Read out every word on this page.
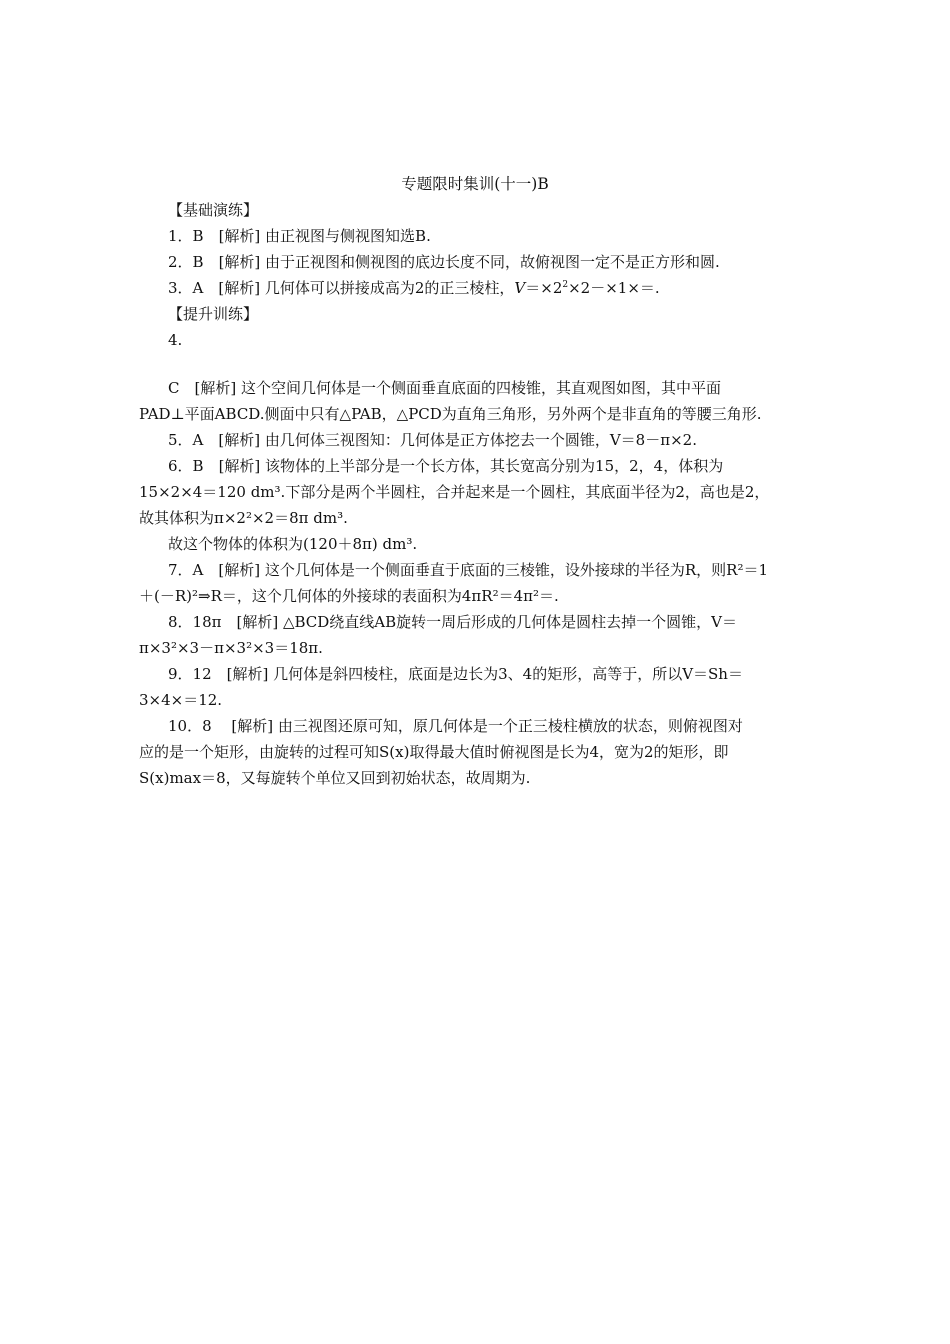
专题限时集训(十一)B
【基础演练】
1．B　[解析] 由正视图与侧视图知选B.
2．B　[解析] 由于正视图和侧视图的底边长度不同，故俯视图一定不是正方形和圆.
3．A　[解析] 几何体可以拼接成高为2的正三棱柱，$V=\times 2^2\times 2-\times 1\times=$.
【提升训练】
4.
C　[解析] 这个空间几何体是一个侧面垂直底面的四棱锥，其直观图如图，其中平面
PAD⊥平面ABCD.侧面中只有△PAB，△PCD为直角三角形，另外两个是非直角的等腰三角形.
5．A　[解析] 由几何体三视图知：几何体是正方体挖去一个圆锥，V＝8－π×2.
6．B　[解析] 该物体的上半部分是一个长方体，其长宽高分别为15，2，4，体积为
15×2×4＝120 dm³.下部分是两个半圆柱，合并起来是一个圆柱，其底面半径为2，高也是2，
故其体积为π×2²×2＝8π dm³.
故这个物体的体积为(120＋8π) dm³.
7．A　[解析] 这个几何体是一个侧面垂直于底面的三棱锥，设外接球的半径为R，则R²＝1
＋(－R)²⇒R＝，这个几何体的外接球的表面积为4πR²＝4π²＝.
8．18π　[解析] △BCD绕直线AB旋转一周后形成的几何体是圆柱去掉一个圆锥，V＝
π×3²×3－π×3²×3＝18π.
9．12　[解析] 几何体是斜四棱柱，底面是边长为3、4的矩形，高等于，所以V＝Sh＝
3×4×＝12.
10．8　 [解析] 由三视图还原可知，原几何体是一个正三棱柱横放的状态，则俯视图对
应的是一个矩形，由旋转的过程可知S(x)取得最大值时俯视图是长为4，宽为2的矩形，即
S(x)max＝8，又每旋转个单位又回到初始状态，故周期为.
